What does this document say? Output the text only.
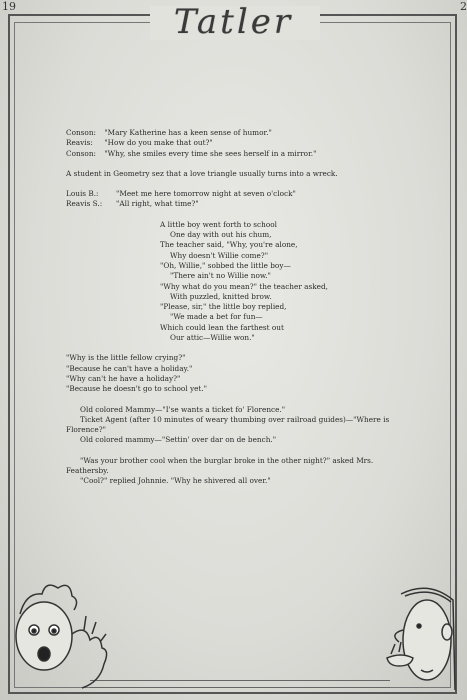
19	2
Tatler

Conson: "Mary Katherine has a keen sense of humor."

Reavis: "How do you make that out?"

Conson: "Why, she smiles every time she sees herself in a mirror."

A student in Geometry sez that a love triangle usually turns into a wreck.

Louis B.: "Meet me here tomorrow night at seven o'clock"

Reavis S.: "All right, what time?"

A little boy went forth to school

One day with out his chum,

The teacher said, "Why, you're alone,

Why doesn't Willie come?"

"Oh, Willie," sobbed the little boy—

"There ain't no Willie now."

"Why what do you mean?" the teacher asked,

With puzzled, knitted brow.

"Please, sir," the little boy replied,

"We made a bet for fun—

Which could lean the farthest out

Our attic—Willie won."

"Why is the little fellow crying?"

"Because he can't have a holiday."

"Why can't he have a holiday?"

"Because he doesn't go to school yet."

Old colored Mammy—"I'se wants a ticket fo' Florence."

Ticket Agent (after 10 minutes of weary thumbing over railroad guides)—"Where is Florence?"

Old colored mammy—"Settin' over dar on de bench."

"Was your brother cool when the burglar broke in the other night?" asked Mrs. Feathersby.

"Cool?" replied Johnnie. "Why he shivered all over."
